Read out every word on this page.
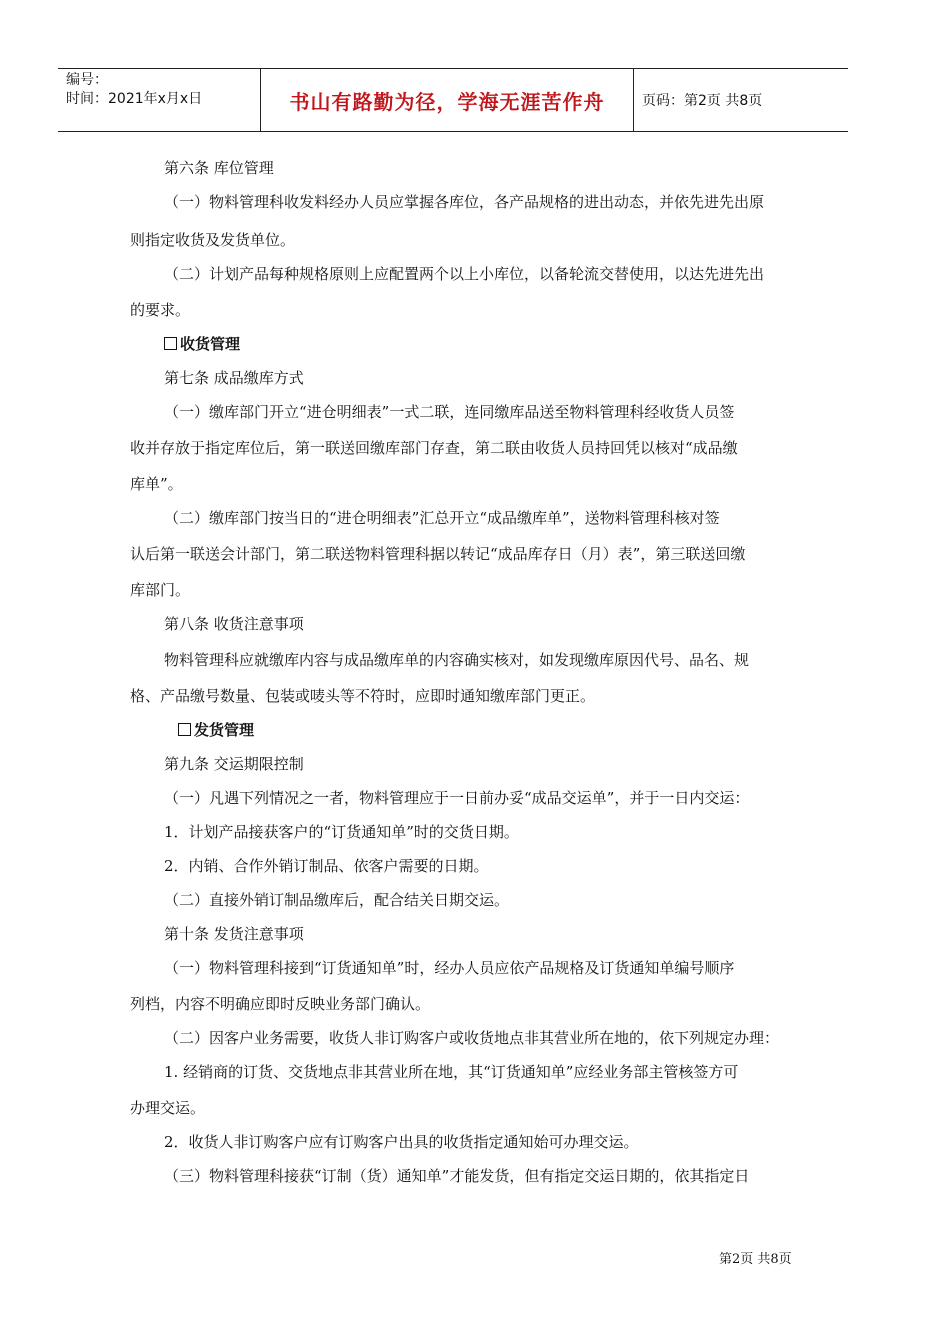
编号：
时间：2021年x月x日	书山有路勤为径，学海无涯苦作舟	页码：第2页 共8页
第六条 库位管理
（一）物料管理科收发料经办人员应掌握各库位，各产品规格的进出动态，并依先进先出原
则指定收货及发货单位。
（二）计划产品每种规格原则上应配置两个以上小库位，以备轮流交替使用，以达先进先出
的要求。
收货管理
第七条 成品缴库方式
（一）缴库部门开立“进仓明细表”一式二联，连同缴库品送至物料管理科经收货人员签
收并存放于指定库位后，第一联送回缴库部门存查，第二联由收货人员持回凭以核对“成品缴
库单”。
（二）缴库部门按当日的“进仓明细表”汇总开立“成品缴库单”，送物料管理科核对签
认后第一联送会计部门，第二联送物料管理科据以转记“成品库存日（月）表”，第三联送回缴
库部门。
第八条 收货注意事项
物料管理科应就缴库内容与成品缴库单的内容确实核对，如发现缴库原因代号、品名、规
格、产品缴号数量、包装或唛头等不符时，应即时通知缴库部门更正。
发货管理
第九条 交运期限控制
（一）凡遇下列情况之一者，物料管理应于一日前办妥“成品交运单”，并于一日内交运：
1．计划产品接获客户的“订货通知单”时的交货日期。
2．内销、合作外销订制品、依客户需要的日期。
（二）直接外销订制品缴库后，配合结关日期交运。
第十条 发货注意事项
（一）物料管理科接到“订货通知单”时，经办人员应依产品规格及订货通知单编号顺序
列档，内容不明确应即时反映业务部门确认。
（二）因客户业务需要，收货人非订购客户或收货地点非其营业所在地的，依下列规定办理：
1. 经销商的订货、交货地点非其营业所在地，其“订货通知单”应经业务部主管核签方可
办理交运。
2．收货人非订购客户应有订购客户出具的收货指定通知始可办理交运。
（三）物料管理科接获“订制（货）通知单”才能发货，但有指定交运日期的，依其指定日
第2页 共8页
